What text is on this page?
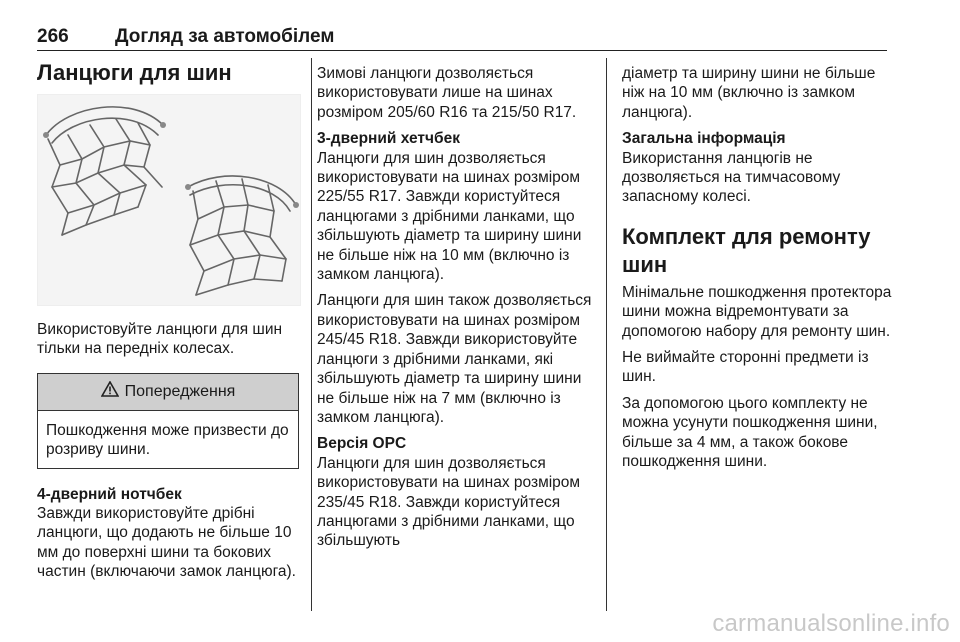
266 Догляд за автомобілем
Ланцюги для шин

Використовуйте ланцюги для шин тільки на передніх колесах.

Попередження
Пошкодження може призвести до розриву шини.

4-дверний нотчбек

Завжди використовуйте дрібні ланцюги, що додають не більше 10 мм до поверхні шини та бокових частин (включаючи замок ланцюга).

Зимові ланцюги дозволяється використовувати лише на шинах розміром 205/60 R16 та 215/50 R17.

3-дверний хетчбек

Ланцюги для шин дозволяється використовувати на шинах розміром 225/55 R17. Завжди користуйтеся ланцюгами з дрібними ланками, що збільшують діаметр та ширину шини не більше ніж на 10 мм (включно із замком ланцюга).

Ланцюги для шин також дозволяється використовувати на шинах розміром 245/45 R18. Завжди використовуйте ланцюги з дрібними ланками, які збільшують діаметр та ширину шини не більше ніж на 7 мм (включно із замком ланцюга).

Версія OPC

Ланцюги для шин дозволяється використовувати на шинах розміром 235/45 R18. Завжди користуйтеся ланцюгами з дрібними ланками, що збільшують

діаметр та ширину шини не більше ніж на 10 мм (включно із замком ланцюга).

Загальна інформація

Використання ланцюгів не дозволяється на тимчасовому запасному колесі.

Комплект для ремонту шин

Мінімальне пошкодження протектора шини можна відремонтувати за допомогою набору для ремонту шин.

Не виймайте сторонні предмети із шин.

За допомогою цього комплекту не можна усунути пошкодження шини, більше за 4 мм, а також бокове пошкодження шини.

carmanualsonline.info
